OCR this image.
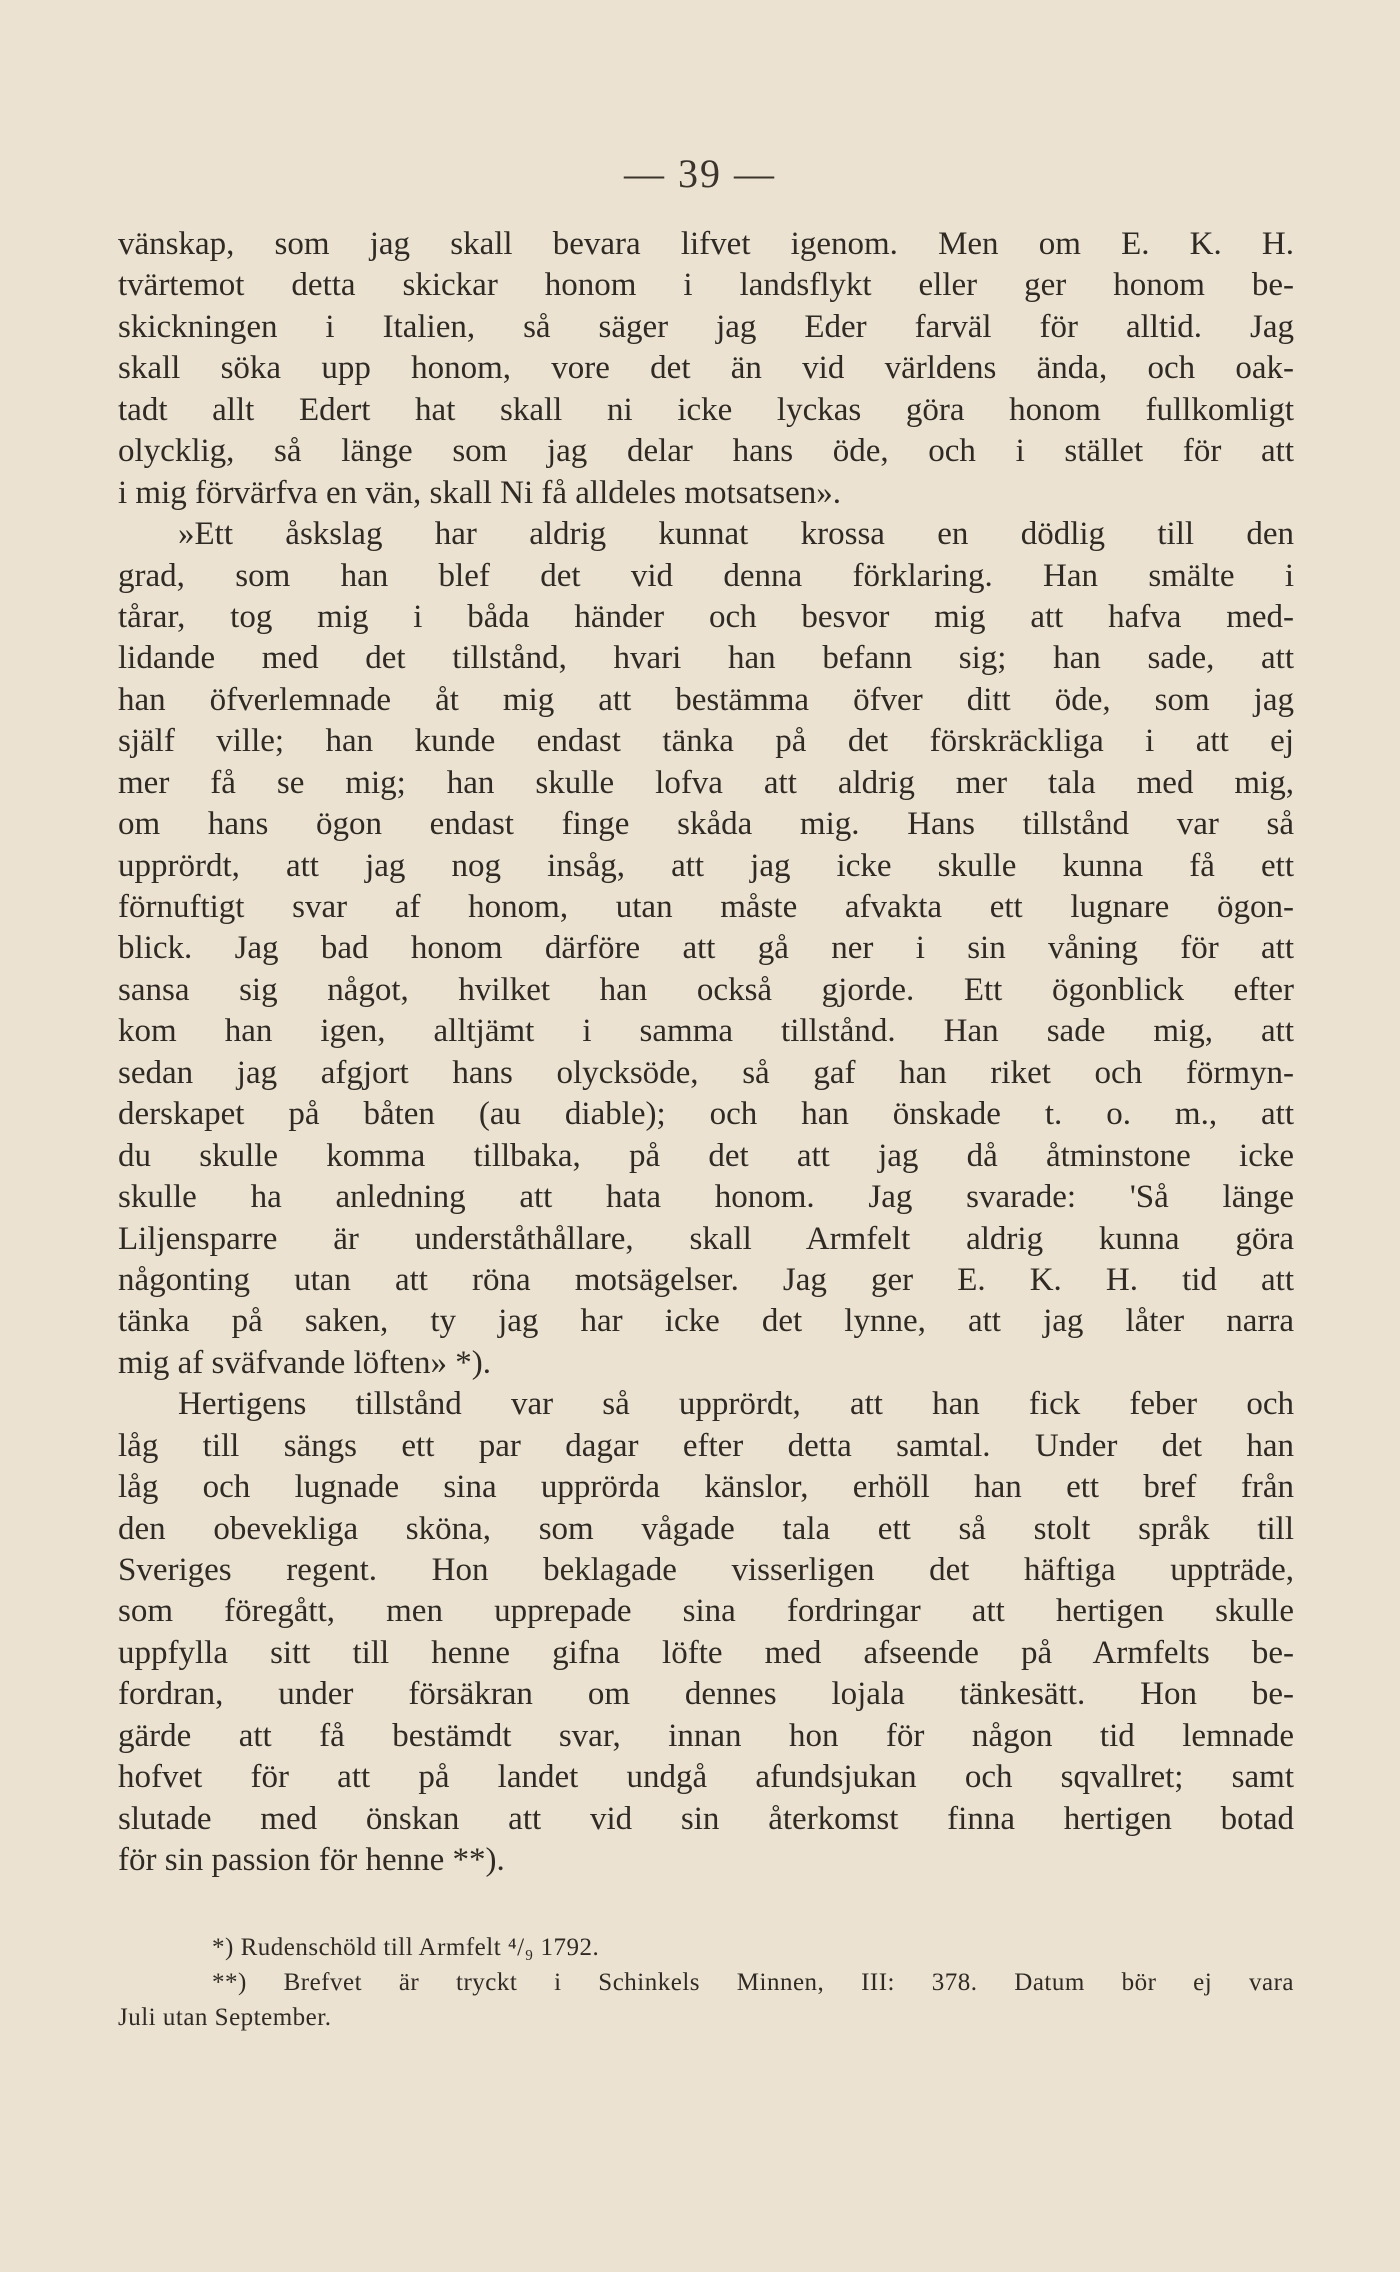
— 39 —
vänskap, som jag skall bevara lifvet igenom. Men om E. K. H.
tvärtemot detta skickar honom i landsflykt eller ger honom be-
skickningen i Italien, så säger jag Eder farväl för alltid. Jag
skall söka upp honom, vore det än vid världens ända, och oak-
tadt allt Edert hat skall ni icke lyckas göra honom fullkomligt
olycklig, så länge som jag delar hans öde, och i stället för att
i mig förvärfva en vän, skall Ni få alldeles motsatsen».
»Ett åskslag har aldrig kunnat krossa en dödlig till den
grad, som han blef det vid denna förklaring. Han smälte i
tårar, tog mig i båda händer och besvor mig att hafva med-
lidande med det tillstånd, hvari han befann sig; han sade, att
han öfverlemnade åt mig att bestämma öfver ditt öde, som jag
själf ville; han kunde endast tänka på det förskräckliga i att ej
mer få se mig; han skulle lofva att aldrig mer tala med mig,
om hans ögon endast finge skåda mig. Hans tillstånd var så
upprördt, att jag nog insåg, att jag icke skulle kunna få ett
förnuftigt svar af honom, utan måste afvakta ett lugnare ögon-
blick. Jag bad honom därföre att gå ner i sin våning för att
sansa sig något, hvilket han också gjorde. Ett ögonblick efter
kom han igen, alltjämt i samma tillstånd. Han sade mig, att
sedan jag afgjort hans olycksöde, så gaf han riket och förmyn-
derskapet på båten (au diable); och han önskade t. o. m., att
du skulle komma tillbaka, på det att jag då åtminstone icke
skulle ha anledning att hata honom. Jag svarade: 'Så länge
Liljensparre är underståthållare, skall Armfelt aldrig kunna göra
någonting utan att röna motsägelser. Jag ger E. K. H. tid att
tänka på saken, ty jag har icke det lynne, att jag låter narra
mig af sväfvande löften» *).
Hertigens tillstånd var så upprördt, att han fick feber och
låg till sängs ett par dagar efter detta samtal. Under det han
låg och lugnade sina upprörda känslor, erhöll han ett bref från
den obevekliga sköna, som vågade tala ett så stolt språk till
Sveriges regent. Hon beklagade visserligen det häftiga uppträde,
som föregått, men upprepade sina fordringar att hertigen skulle
uppfylla sitt till henne gifna löfte med afseende på Armfelts be-
fordran, under försäkran om dennes lojala tänkesätt. Hon be-
gärde att få bestämdt svar, innan hon för någon tid lemnade
hofvet för att på landet undgå afundsjukan och sqvallret; samt
slutade med önskan att vid sin återkomst finna hertigen botad
för sin passion för henne **).
*) Rudenschöld till Armfelt ⁴/₉ 1792.
**) Brefvet är tryckt i Schinkels Minnen, III: 378. Datum bör ej vara
Juli utan September.
